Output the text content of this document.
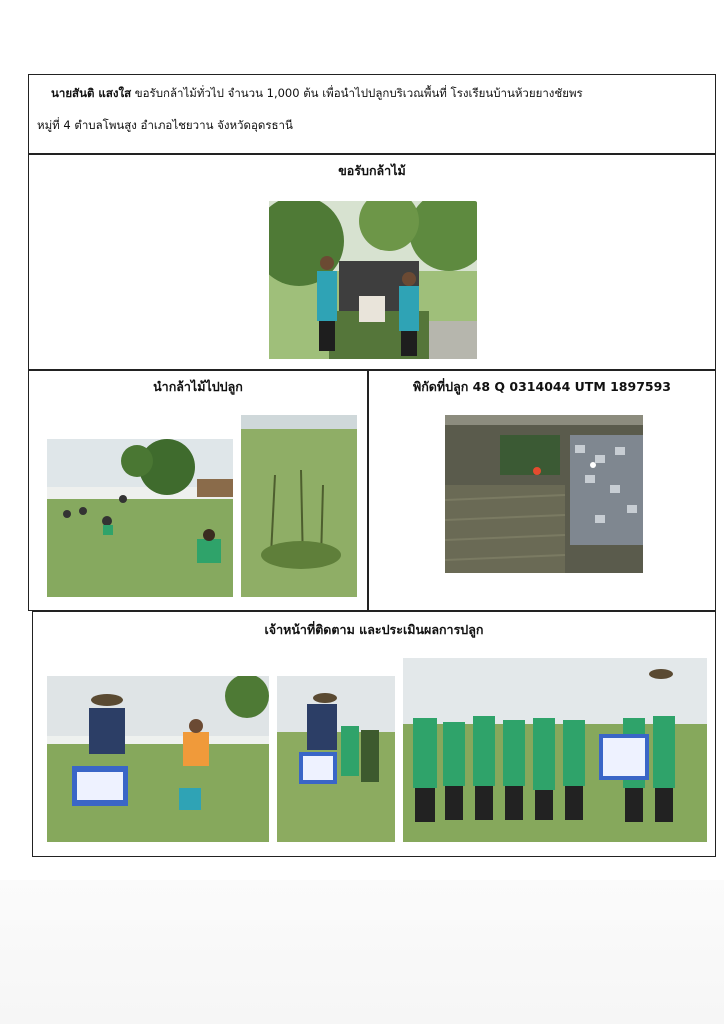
นายสันติ แสงใส ขอรับกล้าไม้ทั่วไป จำนวน 1,000 ต้น เพื่อนำไปปลูกบริเวณพื้นที่ โรงเรียนบ้านห้วยยางชัยพร
หมู่ที่ 4 ตำบลโพนสูง อำเภอไชยวาน จังหวัดอุดรธานี
ขอรับกล้าไม้
นำกล้าไม้ไปปลูก	พิกัดที่ปลูก 48 Q 0314044 UTM 1897593
เจ้าหน้าที่ติดตาม และประเมินผลการปลูก
